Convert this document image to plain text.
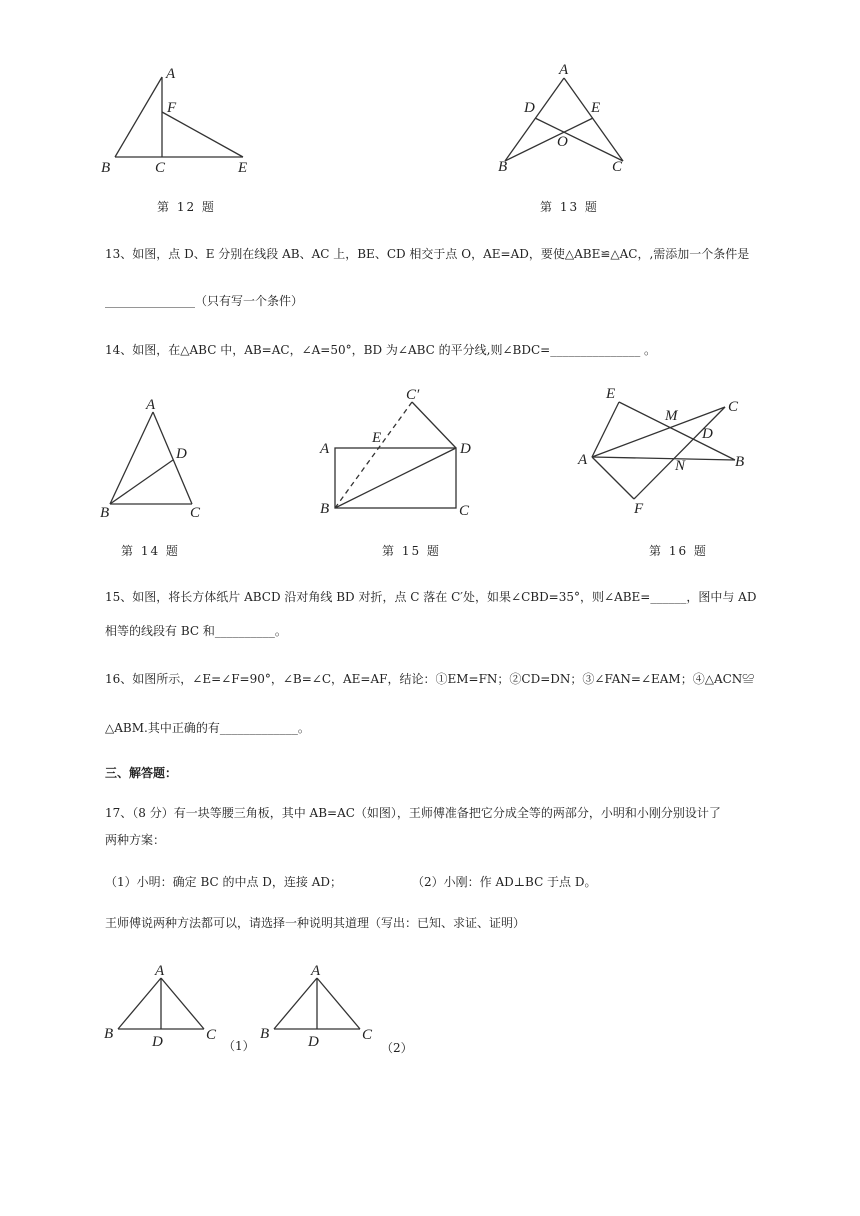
A
F
B	C	E
第 12 题
A
D	E
O
B	C
第 13 题
13、如图，点 D、E 分别在线段 AB、AC 上，BE、CD 相交于点 O，AE=AD，要使△ABE≌△AC，,需添加一个条件是
_______________（只有写一个条件）
14、如图，在△ABC 中，AB=AC，∠A=50°，BD 为∠ABC 的平分线,则∠BDC=_______________ 。
A
D
B	C
第 14 题
C′
E
A	D
B	C
第 15 题
E
M
C
D
A	N	B
F
第 16 题
15、如图，将长方体纸片 ABCD 沿对角线 BD 对折，点 C 落在 C′处，如果∠CBD=35°，则∠ABE=______，图中与 AD
相等的线段有 BC 和__________。
16、如图所示，∠E=∠F=90°，∠B=∠C，AE=AF，结论：①EM=FN；②CD=DN；③∠FAN=∠EAM；④△ACN≌
△ABM.其中正确的有_____________。
三、解答题：
17、（8 分）有一块等腰三角板，其中 AB=AC（如图），王师傅准备把它分成全等的两部分，小明和小刚分别设计了
两种方案：
（1）小明：确定 BC 的中点 D，连接 AD；	（2）小刚：作 AD⊥BC 于点 D。
王师傅说两种方法都可以，请选择一种说明其道理（写出：已知、求证、证明）
A
B	D	C
（1）
A
B	D	C
（2）
